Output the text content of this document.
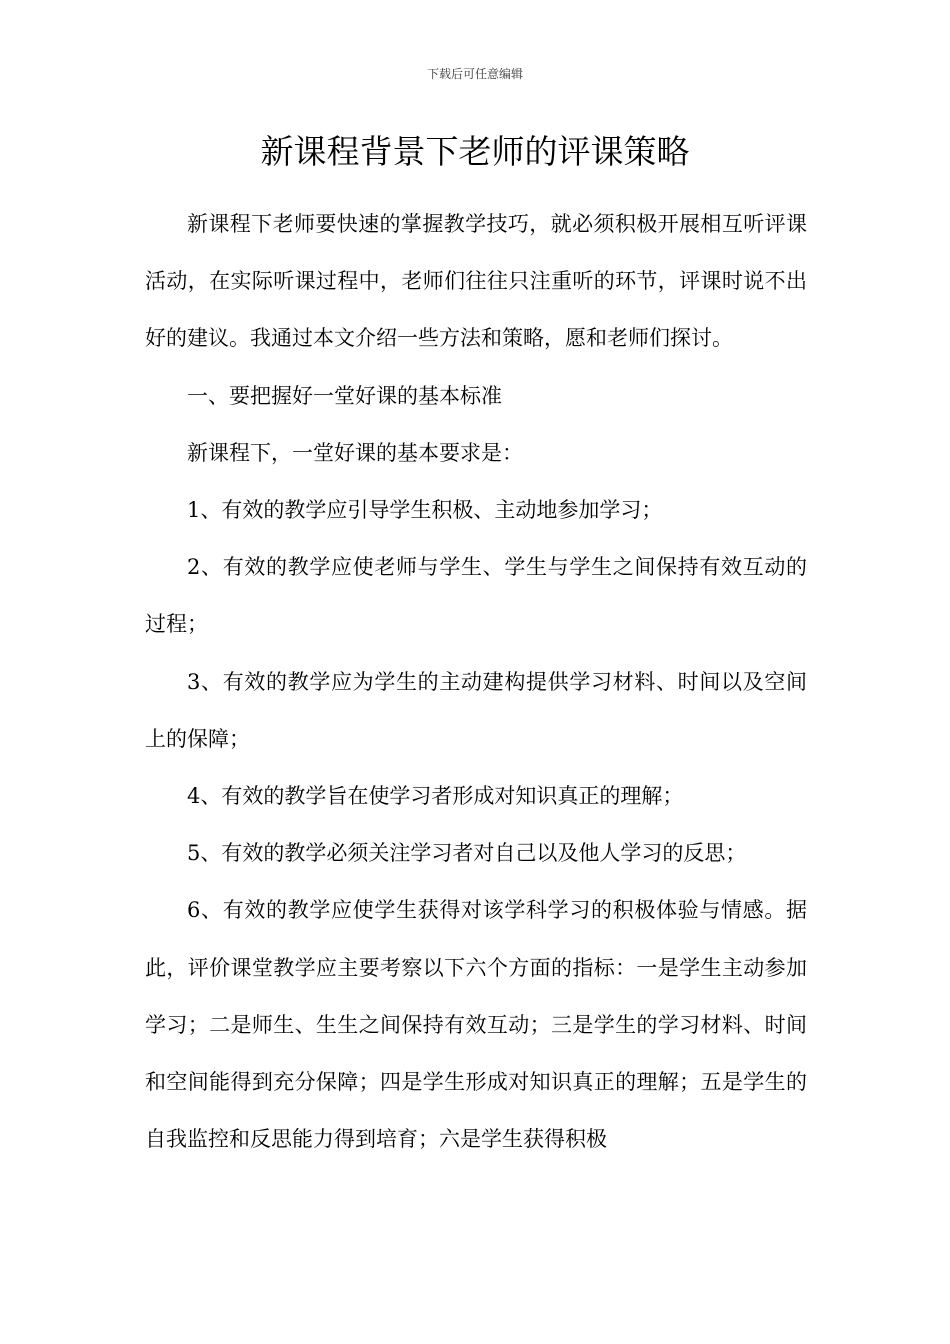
下载后可任意编辑
新课程背景下老师的评课策略

新课程下老师要快速的掌握教学技巧，就必须积极开展相互听评课活动，在实际听课过程中，老师们往往只注重听的环节，评课时说不出好的建议。我通过本文介绍一些方法和策略，愿和老师们探讨。

一、要把握好一堂好课的基本标准

新课程下，一堂好课的基本要求是：

1、有效的教学应引导学生积极、主动地参加学习；

2、有效的教学应使老师与学生、学生与学生之间保持有效互动的过程；

3、有效的教学应为学生的主动建构提供学习材料、时间以及空间上的保障；

4、有效的教学旨在使学习者形成对知识真正的理解；

5、有效的教学必须关注学习者对自己以及他人学习的反思；

6、有效的教学应使学生获得对该学科学习的积极体验与情感。据此，评价课堂教学应主要考察以下六个方面的指标：一是学生主动参加学习；二是师生、生生之间保持有效互动；三是学生的学习材料、时间和空间能得到充分保障；四是学生形成对知识真正的理解；五是学生的自我监控和反思能力得到培育；六是学生获得积极
